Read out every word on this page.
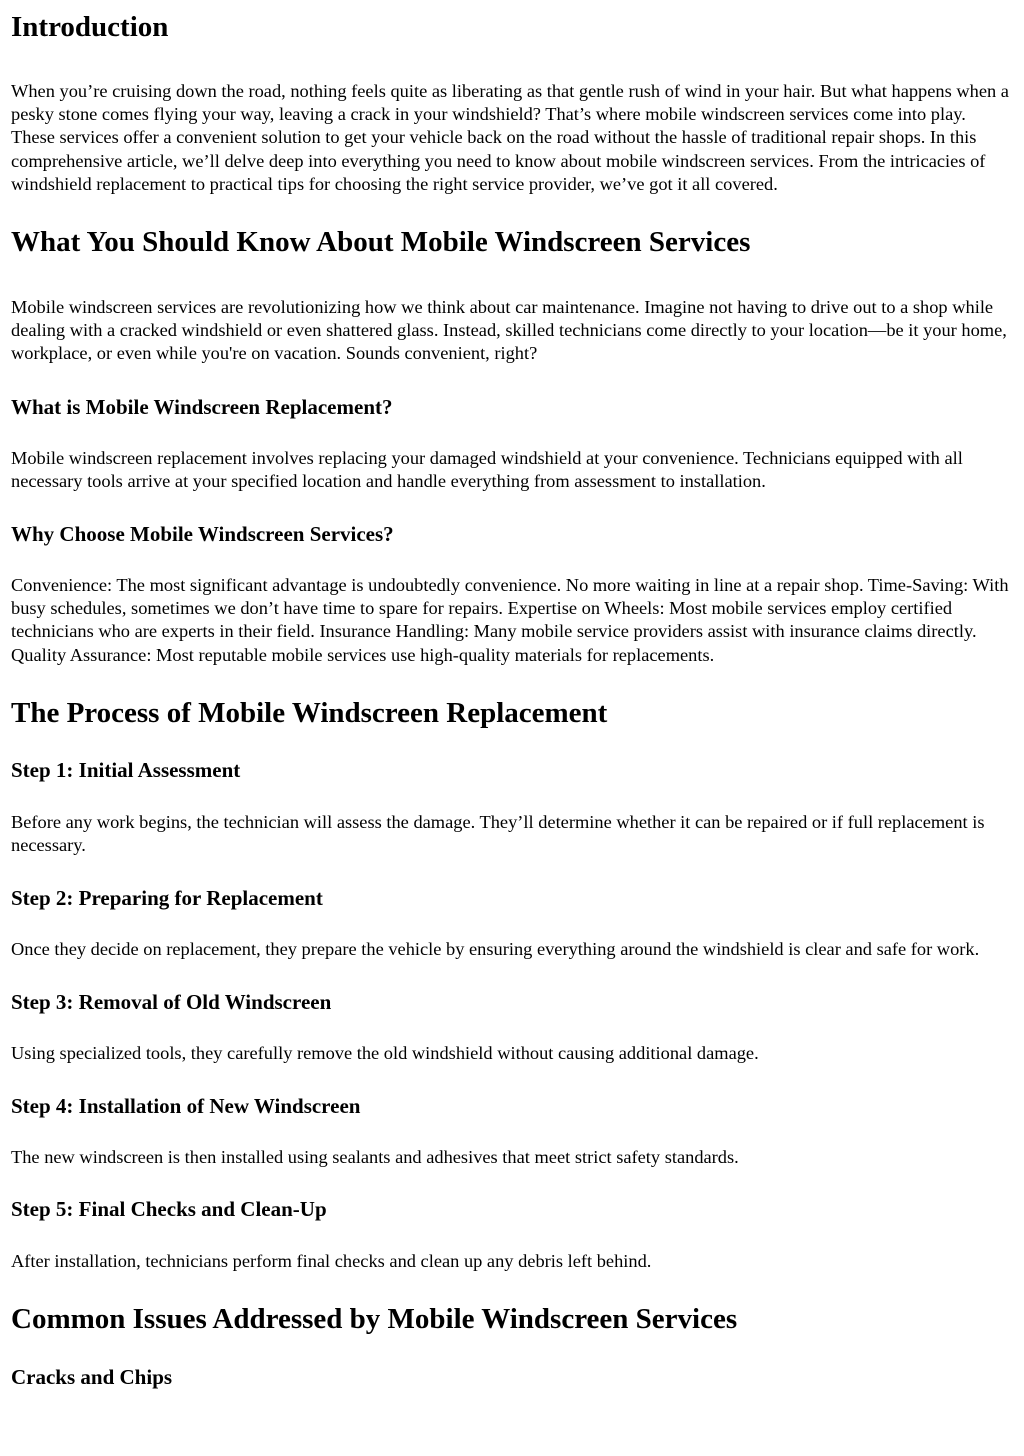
Introduction

When you’re cruising down the road, nothing feels quite as liberating as that gentle rush of wind in your hair. But what happens when a pesky stone comes flying your way, leaving a crack in your windshield? That’s where mobile windscreen services come into play. These services offer a convenient solution to get your vehicle back on the road without the hassle of traditional repair shops. In this comprehensive article, we’ll delve deep into everything you need to know about mobile windscreen services. From the intricacies of windshield replacement to practical tips for choosing the right service provider, we’ve got it all covered.

What You Should Know About Mobile Windscreen Services

Mobile windscreen services are revolutionizing how we think about car maintenance. Imagine not having to drive out to a shop while dealing with a cracked windshield or even shattered glass. Instead, skilled technicians come directly to your location—be it your home, workplace, or even while you're on vacation. Sounds convenient, right?

What is Mobile Windscreen Replacement?

Mobile windscreen replacement involves replacing your damaged windshield at your convenience. Technicians equipped with all necessary tools arrive at your specified location and handle everything from assessment to installation.

Why Choose Mobile Windscreen Services?

Convenience: The most significant advantage is undoubtedly convenience. No more waiting in line at a repair shop. Time-Saving: With busy schedules, sometimes we don’t have time to spare for repairs. Expertise on Wheels: Most mobile services employ certified technicians who are experts in their field. Insurance Handling: Many mobile service providers assist with insurance claims directly. Quality Assurance: Most reputable mobile services use high-quality materials for replacements.

The Process of Mobile Windscreen Replacement
Step 1: Initial Assessment

Before any work begins, the technician will assess the damage. They’ll determine whether it can be repaired or if full replacement is necessary.

Step 2: Preparing for Replacement

Once they decide on replacement, they prepare the vehicle by ensuring everything around the windshield is clear and safe for work.

Step 3: Removal of Old Windscreen

Using specialized tools, they carefully remove the old windshield without causing additional damage.

Step 4: Installation of New Windscreen

The new windscreen is then installed using sealants and adhesives that meet strict safety standards.

Step 5: Final Checks and Clean-Up

After installation, technicians perform final checks and clean up any debris left behind.

Common Issues Addressed by Mobile Windscreen Services
Cracks and Chips
